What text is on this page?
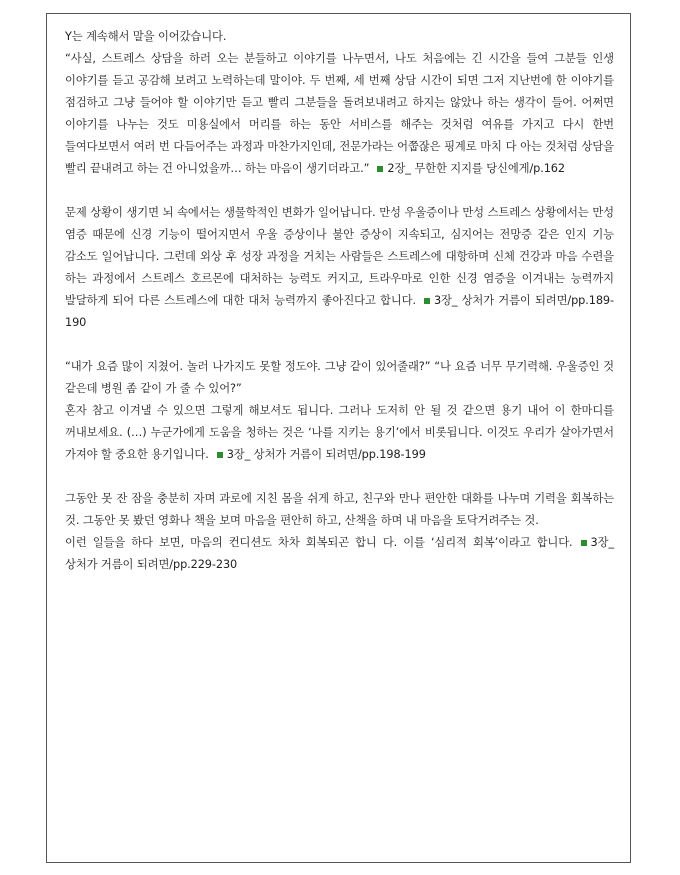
Y는 계속해서 말을 이어갔습니다.

“사실, 스트레스 상담을 하러 오는 분들하고 이야기를 나누면서, 나도 처음에는 긴 시간을 들여 그분들 인생 이야기를 듣고 공감해 보려고 노력하는데 말이야. 두 번째, 세 번째 상담 시간이 되면 그저 지난번에 한 이야기를 점검하고 그냥 들어야 할 이야기만 듣고 빨리 그분들을 돌려보내려고 하지는 않았나 하는 생각이 들어. 어쩌면 이야기를 나누는 것도 미용실에서 머리를 하는 동안 서비스를 해주는 것처럼 여유를 가지고 다시 한번 들여다보면서 여러 번 다듬어주는 과정과 마찬가지인데, 전문가라는 어쭙잖은 핑계로 마치 다 아는 것처럼 상담을 빨리 끝내려고 하는 건 아니었을까… 하는 마음이 생기더라고.” 2장_ 무한한 지지를 당신에게/p.162

문제 상황이 생기면 뇌 속에서는 생물학적인 변화가 일어납니다. 만성 우울증이나 만성 스트레스 상황에서는 만성 염증 때문에 신경 기능이 떨어지면서 우울 증상이나 불안 증상이 지속되고, 심지어는 전망증 같은 인지 기능 감소도 일어납니다. 그런데 외상 후 성장 과정을 거치는 사람들은 스트레스에 대항하며 신체 건강과 마음 수련을 하는 과정에서 스트레스 호르몬에 대처하는 능력도 커지고, 트라우마로 인한 신경 염증을 이겨내는 능력까지 발달하게 되어 다른 스트레스에 대한 대처 능력까지 좋아진다고 합니다. 3장_ 상처가 거름이 되려면/pp.189-190

“내가 요즘 많이 지쳤어. 놀러 나가지도 못할 정도야. 그냥 같이 있어줄래?” “나 요즘 너무 무기력해. 우울증인 것 같은데 병원 좀 같이 가 줄 수 있어?”

혼자 참고 이겨낼 수 있으면 그렇게 해보셔도 됩니다. 그러나 도저히 안 될 것 같으면 용기 내어 이 한마디를 꺼내보세요. (…) 누군가에게 도움을 청하는 것은 ‘나를 지키는 용기’에서 비롯됩니다. 이것도 우리가 살아가면서 가져야 할 중요한 용기입니다. 3장_ 상처가 거름이 되려면/pp.198-199

그동안 못 잔 잠을 충분히 자며 과로에 지친 몸을 쉬게 하고, 친구와 만나 편안한 대화를 나누며 기력을 회복하는 것. 그동안 못 봤던 영화나 책을 보며 마음을 편안히 하고, 산책을 하며 내 마음을 토닥거려주는 것.

이런 일들을 하다 보면, 마음의 컨디션도 차차 회복되곤 합니 다. 이를 ‘심리적 회복’이라고 합니다. 3장_ 상처가 거름이 되려면/pp.229-230
